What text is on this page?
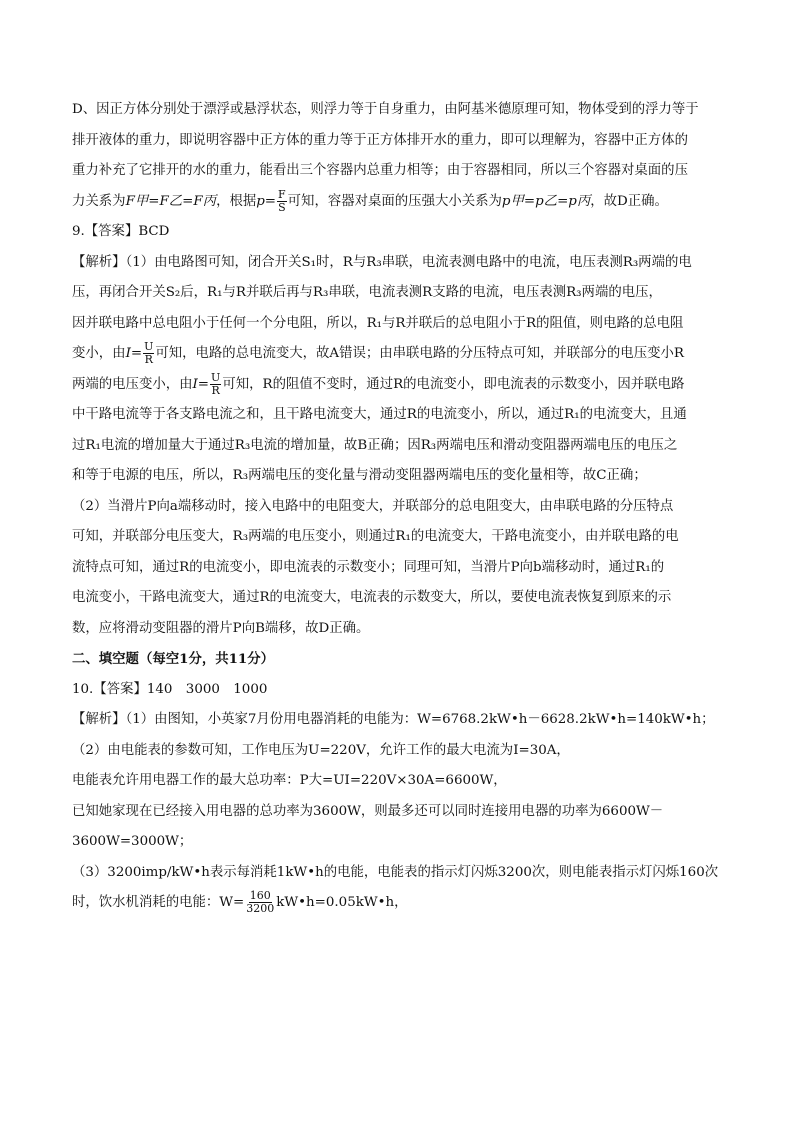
D、因正方体分别处于漂浮或悬浮状态，则浮力等于自身重力，由阿基米德原理可知，物体受到的浮力等于

排开液体的重力，即说明容器中正方体的重力等于正方体排开水的重力，即可以理解为，容器中正方体的

重力补充了它排开的水的重力，能看出三个容器内总重力相等；由于容器相同，所以三个容器对桌面的压

力关系为F甲=F乙=F丙，根据$p= \frac{F}{S}$ 可知，容器对桌面的压强大小关系为p甲=p乙=p丙，故D正确。

9.【答案】BCD

【解析】（1）由电路图可知，闭合开关S₁时，R与R₃串联，电流表测电路中的电流，电压表测R₃两端的电

压，再闭合开关S₂后，R₁与R并联后再与R₃串联，电流表测R支路的电流，电压表测R₃两端的电压，

因并联电路中总电阻小于任何一个分电阻，所以，R₁与R并联后的总电阻小于R的阻值，则电路的总电阻

变小，由$I= \frac{U}{R}$ 可知，电路的总电流变大，故A错误；由串联电路的分压特点可知，并联部分的电压变小R

两端的电压变小，由$I= \frac{U}{R}$ 可知，R的阻值不变时，通过R的电流变小，即电流表的示数变小，因并联电路

中干路电流等于各支路电流之和，且干路电流变大，通过R的电流变小，所以，通过R₁的电流变大，且通

过R₁电流的增加量大于通过R₃电流的增加量，故B正确；因R₃两端电压和滑动变阻器两端电压的电压之

和等于电源的电压，所以，R₃两端电压的变化量与滑动变阻器两端电压的变化量相等，故C正确；

（2）当滑片P向a端移动时，接入电路中的电阻变大，并联部分的总电阻变大，由串联电路的分压特点

可知，并联部分电压变大，R₃两端的电压变小，则通过R₁的电流变大，干路电流变小，由并联电路的电

流特点可知，通过R的电流变小，即电流表的示数变小；同理可知，当滑片P向b端移动时，通过R₁的

电流变小，干路电流变大，通过R的电流变大，电流表的示数变大，所以，要使电流表恢复到原来的示

数，应将滑动变阻器的滑片P向B端移，故D正确。

二、填空题（每空1分，共11分）

10.【答案】140　3000　1000

【解析】（1）由图知，小英家7月份用电器消耗的电能为：W=6768.2kW•h－6628.2kW•h=140kW•h；

（2）由电能表的参数可知，工作电压为U=220V，允许工作的最大电流为I=30A，

电能表允许用电器工作的最大总功率：P大=UI=220V×30A=6600W，

已知她家现在已经接入用电器的总功率为3600W，则最多还可以同时连接用电器的功率为6600W－

3600W=3000W；

（3）3200imp/kW•h表示每消耗1kW•h的电能，电能表的指示灯闪烁3200次，则电能表指示灯闪烁160次

时，饮水机消耗的电能：$W= \frac{160}{3200}$ kW•h=0.05kW•h，
